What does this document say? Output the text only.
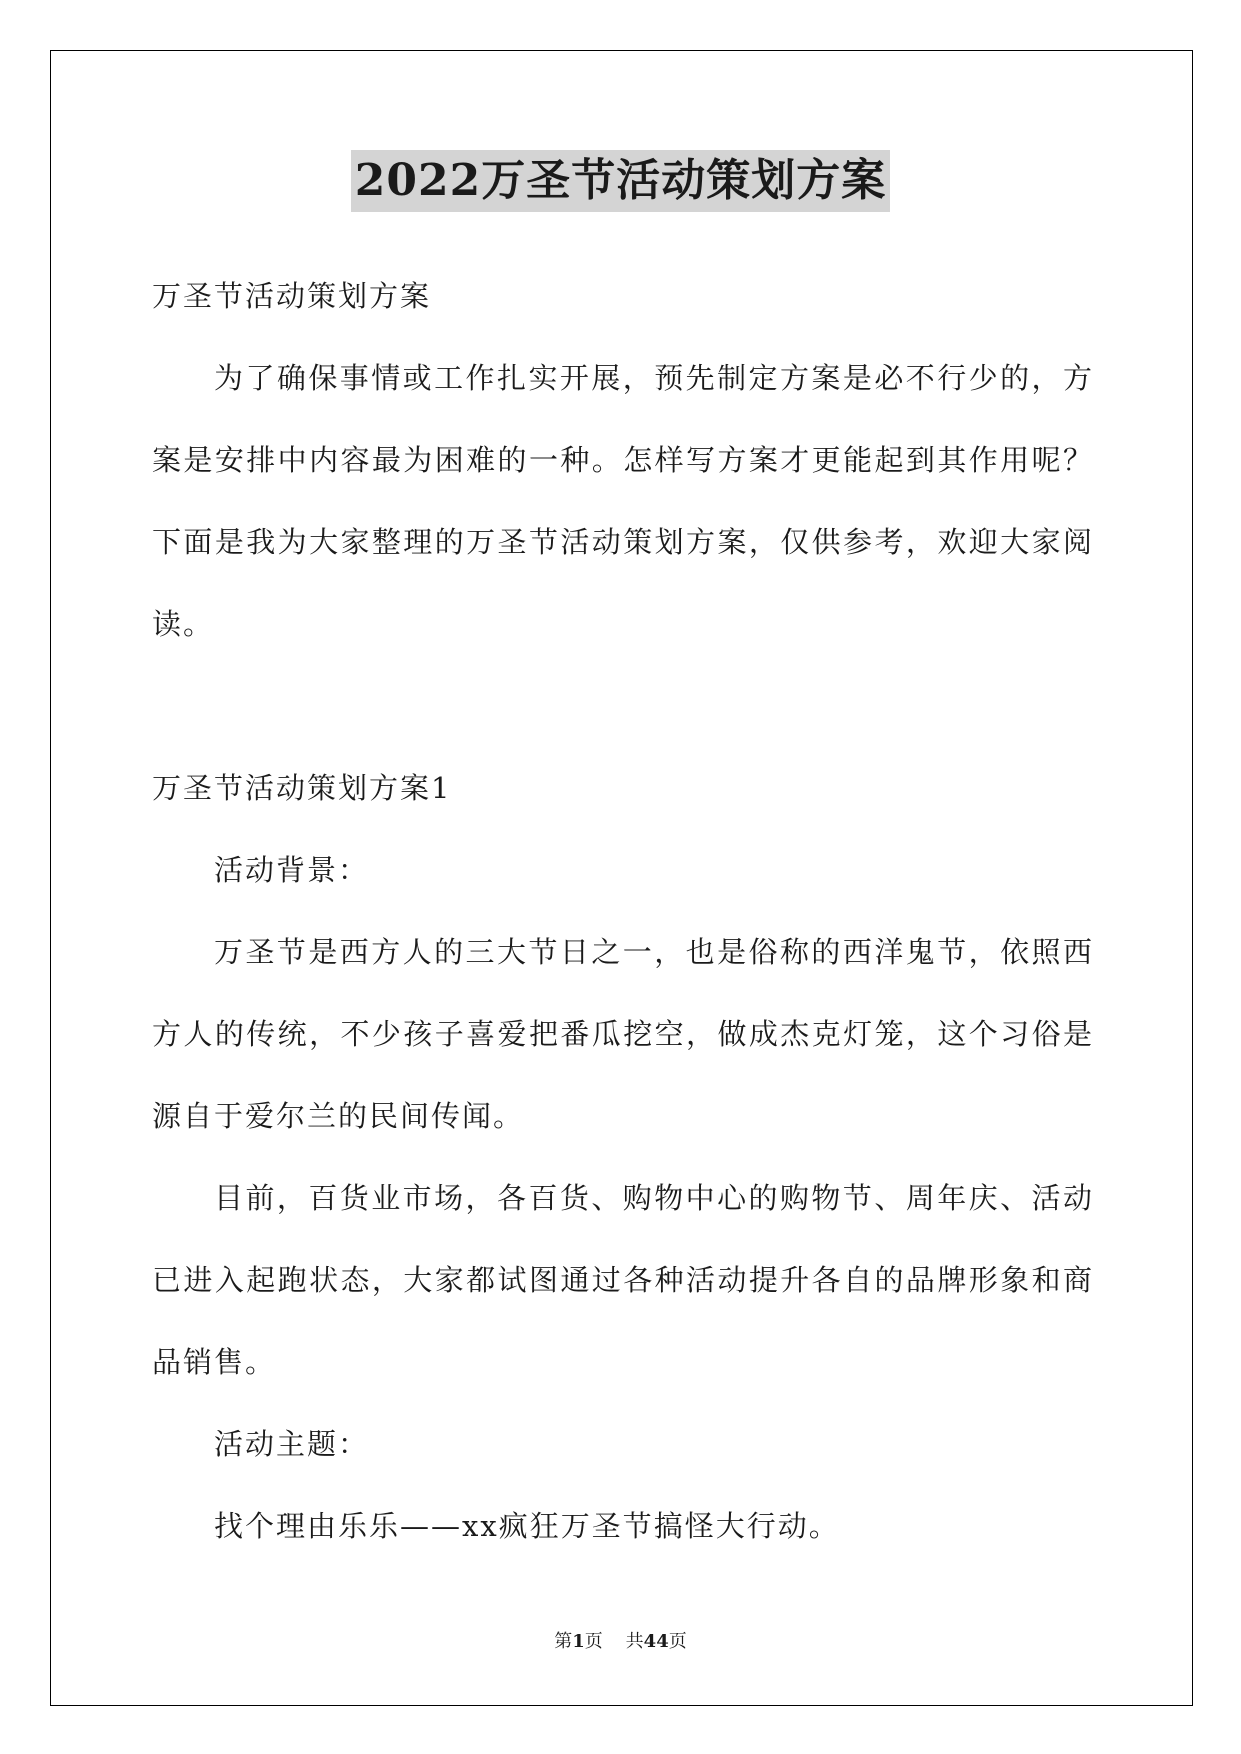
2022万圣节活动策划方案
万圣节活动策划方案
为了确保事情或工作扎实开展，预先制定方案是必不行少的，方
案是安排中内容最为困难的一种。怎样写方案才更能起到其作用呢？
下面是我为大家整理的万圣节活动策划方案，仅供参考，欢迎大家阅
读。
万圣节活动策划方案1
活动背景：
万圣节是西方人的三大节日之一，也是俗称的西洋鬼节，依照西
方人的传统，不少孩子喜爱把番瓜挖空，做成杰克灯笼，这个习俗是
源自于爱尔兰的民间传闻。
目前，百货业市场，各百货、购物中心的购物节、周年庆、活动
已进入起跑状态，大家都试图通过各种活动提升各自的品牌形象和商
品销售。
活动主题：
找个理由乐乐——xx疯狂万圣节搞怪大行动。
第1页 共44页
